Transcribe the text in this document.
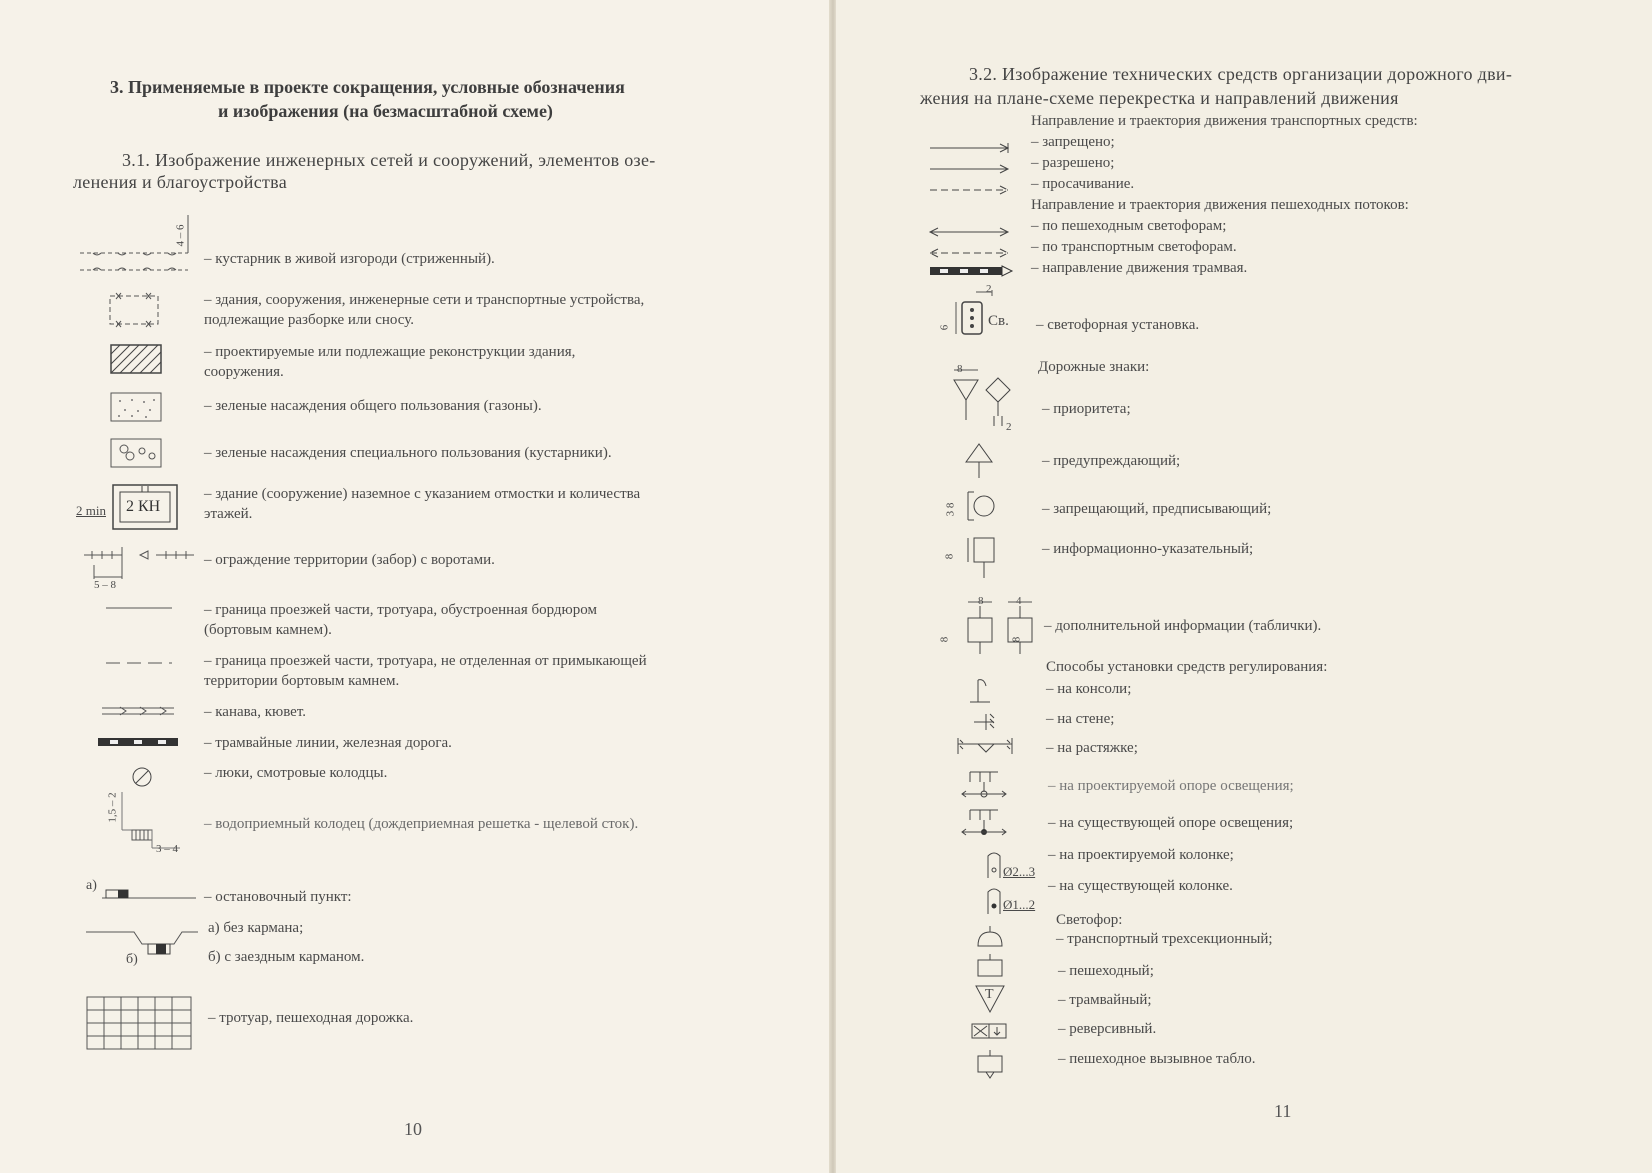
3. Применяемые в проекте сокращения, условные обозначения
и изображения (на безмасштабной схеме)
3.1. Изображение инженерных сетей и сооружений, элементов озе-
ленения и благоустройства
– кустарник в живой изгороди (стриженный).
– здания, сооружения, инженерные сети и транспортные устройства,
подлежащие разборке или сносу.
– проектируемые или подлежащие реконструкции здания,
сооружения.
– зеленые насаждения общего пользования (газоны).
– зеленые насаждения специального пользования (кустарники).
– здание (сооружение) наземное с указанием отмостки и количества
этажей.
– ограждение территории (забор) с воротами.
– граница проезжей части, тротуара, обустроенная бордюром
(бортовым камнем).
– граница проезжей части, тротуара, не отделенная от примыкающей
территории бортовым камнем.
– канава, кювет.
– трамвайные линии, железная дорога.
– люки, смотровые колодцы.
– водоприемный колодец (дождеприемная решетка - щелевой сток).
– остановочный пункт:
а) без кармана;
б) с заездным карманом.
– тротуар, пешеходная дорожка.
4 – 6
2 КН
2 min
5 – 8
1,5 – 2
3 – 4
а)
б)
10
3.2. Изображение технических средств организации дорожного дви-
жения на плане-схеме перекрестка и направлений движения
Направление и траектория движения транспортных средств:
– запрещено;
– разрешено;
– просачивание.
Направление и траектория движения пешеходных потоков:
– по пешеходным светофорам;
– по транспортным светофорам.
– направление движения трамвая.
2
6	Св. – светофорная установка.
Дорожные знаки:
8
2
– приоритета;
– предупреждающий;
3 8	– запрещающий, предписывающий;
8	– информационно-указательный;
8	4
8	8
– дополнительной информации (таблички).
Способы установки средств регулирования:
– на консоли;
– на стене;
– на растяжке;
– на проектируемой опоре освещения;
– на существующей опоре освещения;
– на проектируемой колонке;
– на существующей колонке.
Ø2...3
Ø1...2
Светофор:
– транспортный трехсекционный;
– пешеходный;
– трамвайный;
– реверсивный.
– пешеходное вызывное табло.
Т
11
